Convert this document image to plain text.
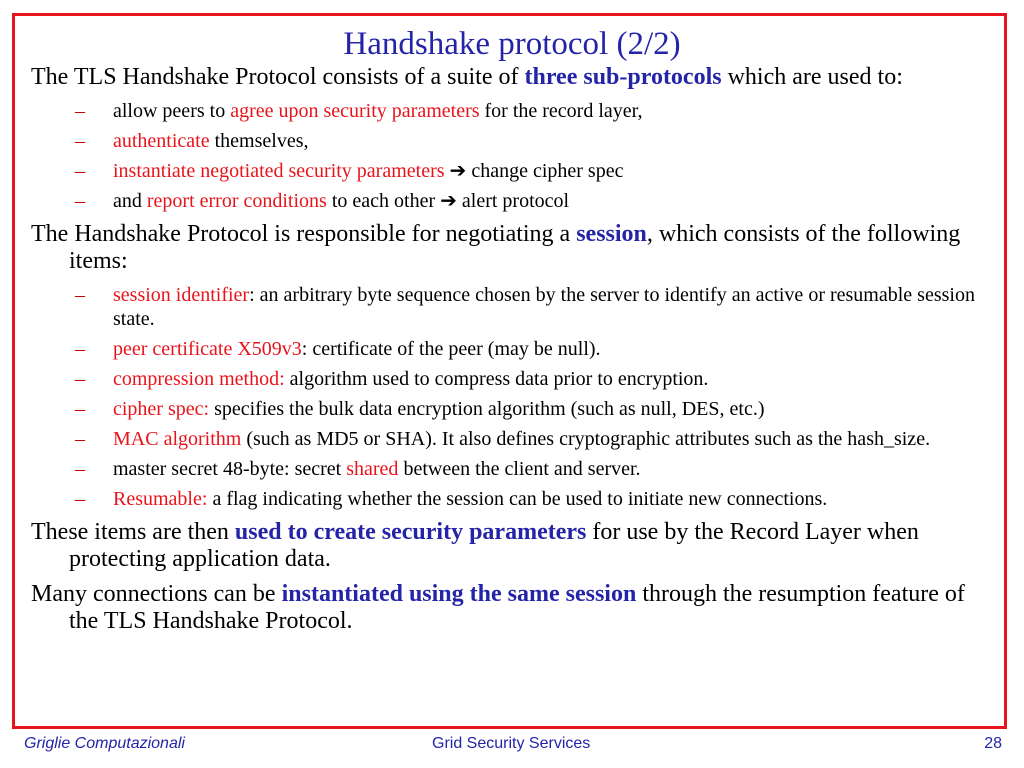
Handshake protocol (2/2)

The TLS Handshake Protocol consists of a suite of three sub-protocols which are used to:

– allow peers to agree upon security parameters for the record layer,
– authenticate themselves,
– instantiate negotiated security parameters ➔ change cipher spec
– and report error conditions to each other ➔ alert protocol

The Handshake Protocol is responsible for negotiating a session, which consists of the following items:

– session identifier: an arbitrary byte sequence chosen by the server to identify an active or resumable session state.
– peer certificate X509v3: certificate of the peer (may be null).
– compression method: algorithm used to compress data prior to encryption.
– cipher spec: specifies the bulk data encryption algorithm (such as null, DES, etc.)
– MAC algorithm (such as MD5 or SHA). It also defines cryptographic attributes such as the hash_size.
– master secret 48-byte: secret shared between the client and server.
– Resumable: a flag indicating whether the session can be used to initiate new connections.

These items are then used to create security parameters for use by the Record Layer when protecting application data.

Many connections can be instantiated using the same session through the resumption feature of the TLS Handshake Protocol.

Griglie Computazionali	Grid Security Services	28
